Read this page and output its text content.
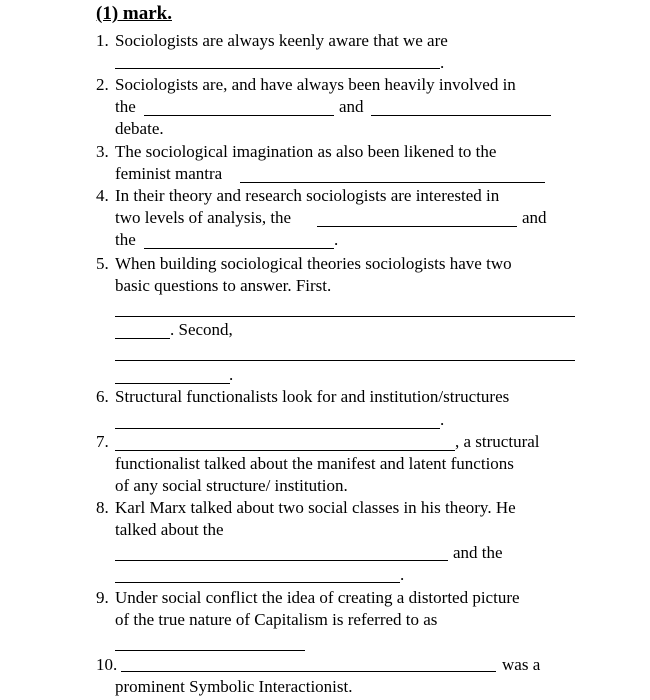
(1) mark.
1. Sociologists are always keenly aware that we are
.
2. Sociologists are, and have always been heavily involved in
the	and
debate.
3. The sociological imagination as also been likened to the
feminist mantra
4. In their theory and research sociologists are interested in
two levels of analysis, the	and
the	.
5. When building sociological theories sociologists have two
basic questions to answer. First.
. Second,
.
6. Structural functionalists look for and institution/structures
.
7.	, a structural
functionalist talked about the manifest and latent functions
of any social structure/ institution.
8. Karl Marx talked about two social classes in his theory. He
talked about the
and the
.
9. Under social conflict the idea of creating a distorted picture
of the true nature of Capitalism is referred to as
10.	was a
prominent Symbolic Interactionist.
